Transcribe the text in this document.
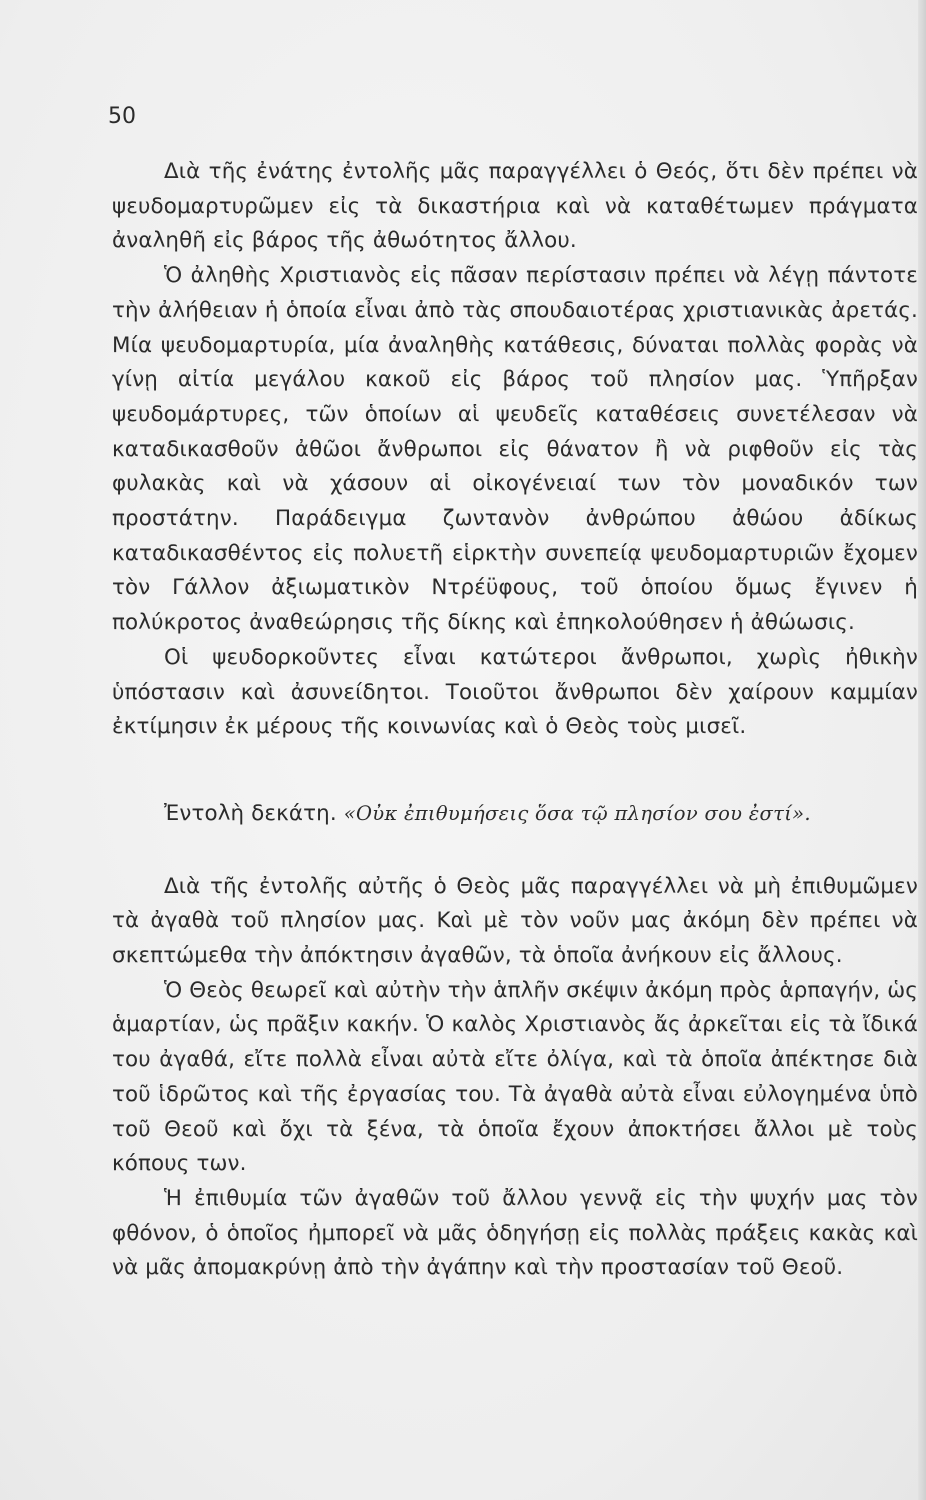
50

Διὰ τῆς ἐνάτης ἐντολῆς μᾶς παραγγέλλει ὁ Θεός, ὅτι δὲν πρέπει νὰ ψευδομαρτυρῶμεν εἰς τὰ δικαστήρια καὶ νὰ καταθέτωμεν πράγματα ἀναληθῆ εἰς βάρος τῆς ἀθωότητος ἄλλου.

Ὁ ἀληθὴς Χριστιανὸς εἰς πᾶσαν περίστασιν πρέπει νὰ λέγῃ πάντοτε τὴν ἀλήθειαν ἡ ὁποία εἶναι ἀπὸ τὰς σπουδαιοτέρας χριστιανικὰς ἀρετάς. Μία ψευδομαρτυρία, μία ἀναληθὴς κατάθεσις, δύναται πολλὰς φορὰς νὰ γίνῃ αἰτία μεγάλου κακοῦ εἰς βάρος τοῦ πλησίον μας. Ὑπῆρξαν ψευδομάρτυρες, τῶν ὁποίων αἱ ψευδεῖς καταθέσεις συνετέλεσαν νὰ καταδικασθοῦν ἀθῶοι ἄνθρωποι εἰς θάνατον ἢ νὰ ριφθοῦν εἰς τὰς φυλακὰς καὶ νὰ χάσουν αἱ οἰκογένειαί των τὸν μοναδικόν των προστάτην. Παράδειγμα ζωντανὸν ἀνθρώπου ἀθώου ἀδίκως καταδικασθέντος εἰς πολυετῆ εἱρκτὴν συνεπείᾳ ψευδομαρτυριῶν ἔχομεν τὸν Γάλλον ἀξιωματικὸν Ντρέϋφους, τοῦ ὁποίου ὅμως ἔγινεν ἡ πολύκροτος ἀναθεώρησις τῆς δίκης καὶ ἐπηκολούθησεν ἡ ἀθώωσις.

Οἱ ψευδορκοῦντες εἶναι κατώτεροι ἄνθρωποι, χωρὶς ἠθικὴν ὑπόστασιν καὶ ἀσυνείδητοι. Τοιοῦτοι ἄνθρωποι δὲν χαίρουν καμμίαν ἐκτίμησιν ἐκ μέρους τῆς κοινωνίας καὶ ὁ Θεὸς τοὺς μισεῖ.

Ἐντολὴ δεκάτη. «Οὐκ ἐπιθυμήσεις ὅσα τῷ πλησίον σου ἐστί».

Διὰ τῆς ἐντολῆς αὐτῆς ὁ Θεὸς μᾶς παραγγέλλει νὰ μὴ ἐπιθυμῶμεν τὰ ἀγαθὰ τοῦ πλησίον μας. Καὶ μὲ τὸν νοῦν μας ἀκόμη δὲν πρέπει νὰ σκεπτώμεθα τὴν ἀπόκτησιν ἀγαθῶν, τὰ ὁποῖα ἀνήκουν εἰς ἄλλους.

Ὁ Θεὸς θεωρεῖ καὶ αὐτὴν τὴν ἁπλῆν σκέψιν ἀκόμη πρὸς ἁρπαγήν, ὡς ἁμαρτίαν, ὡς πρᾶξιν κακήν. Ὁ καλὸς Χριστιανὸς ἄς ἀρκεῖται εἰς τὰ ἴδικά του ἀγαθά, εἴτε πολλὰ εἶναι αὐτὰ εἴτε ὀλίγα, καὶ τὰ ὁποῖα ἀπέκτησε διὰ τοῦ ἱδρῶτος καὶ τῆς ἐργασίας του. Τὰ ἀγαθὰ αὐτὰ εἶναι εὐλογημένα ὑπὸ τοῦ Θεοῦ καὶ ὄχι τὰ ξένα, τὰ ὁποῖα ἔχουν ἀποκτήσει ἄλλοι μὲ τοὺς κόπους των.

Ἡ ἐπιθυμία τῶν ἀγαθῶν τοῦ ἄλλου γεννᾷ εἰς τὴν ψυχήν μας τὸν φθόνον, ὁ ὁποῖος ἠμπορεῖ νὰ μᾶς ὁδηγήσῃ εἰς πολλὰς πράξεις κακὰς καὶ νὰ μᾶς ἀπομακρύνῃ ἀπὸ τὴν ἀγάπην καὶ τὴν προστασίαν τοῦ Θεοῦ.
